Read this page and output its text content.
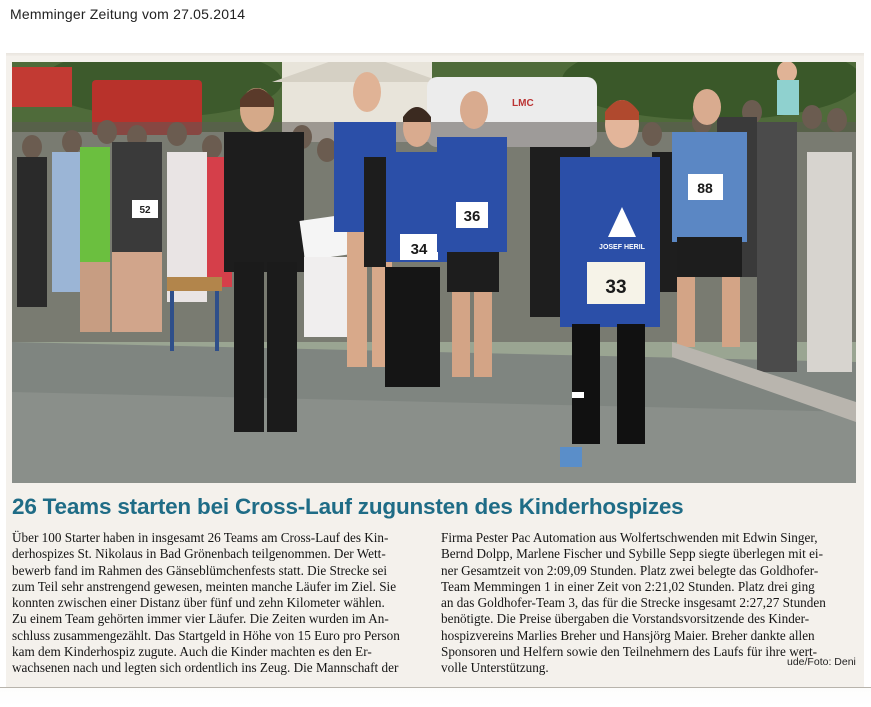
Memminger Zeitung vom 27.05.2014
LMC
52
34
36
33
JOSEF HERIL
88
26 Teams starten bei Cross-Lauf zugunsten des Kinderhospizes
Über 100 Starter haben in insgesamt 26 Teams am Cross-Lauf des Kin-
derhospizes St. Nikolaus in Bad Grönenbach teilgenommen. Der Wett-
bewerb fand im Rahmen des Gänseblümchenfests statt. Die Strecke sei
zum Teil sehr anstrengend gewesen, meinten manche Läufer im Ziel. Sie
konnten zwischen einer Distanz über fünf und zehn Kilometer wählen.
Zu einem Team gehörten immer vier Läufer. Die Zeiten wurden im An-
schluss zusammengezählt. Das Startgeld in Höhe von 15 Euro pro Person
kam dem Kinderhospiz zugute. Auch die Kinder machten es den Er-
wachsenen nach und legten sich ordentlich ins Zeug. Die Mannschaft der
Firma Pester Pac Automation aus Wolfertschwenden mit Edwin Singer,
Bernd Dolpp, Marlene Fischer und Sybille Sepp siegte überlegen mit ei-
ner Gesamtzeit von 2:09,09 Stunden. Platz zwei belegte das Goldhofer-
Team Memmingen 1 in einer Zeit von 2:21,02 Stunden. Platz drei ging
an das Goldhofer-Team 3, das für die Strecke insgesamt 2:27,27 Stunden
benötigte. Die Preise übergaben die Vorstandsvorsitzende des Kinder-
hospizvereins Marlies Breher und Hansjörg Maier. Breher dankte allen
Sponsoren und Helfern sowie den Teilnehmern des Laufs für ihre wert-
volle Unterstützung.	ude/Foto: Deni
